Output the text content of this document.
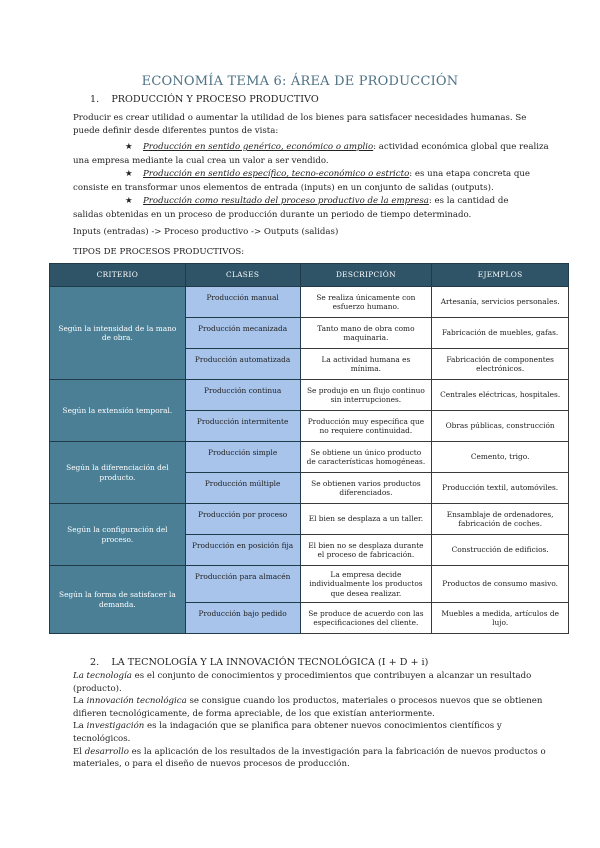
ECONOMÍA TEMA 6: ÁREA DE PRODUCCIÓN
1.    PRODUCCIÓN Y PROCESO PRODUCTIVO
Producir es crear utilidad o aumentar la utilidad de los bienes para satisfacer necesidades humanas. Se
puede definir desde diferentes puntos de vista:
★ Producción en sentido genérico, económico o amplio: actividad económica global que realiza
una empresa mediante la cual crea un valor a ser vendido.
★ Producción en sentido específico, tecno-económico o estricto: es una etapa concreta que
consiste en transformar unos elementos de entrada (inputs) en un conjunto de salidas (outputs).
★ Producción como resultado del proceso productivo de la empresa: es la cantidad de
salidas obtenidas en un proceso de producción durante un periodo de tiempo determinado.
Inputs (entradas) -> Proceso productivo -> Outputs (salidas)
TIPOS DE PROCESOS PRODUCTIVOS:
CRITERIO	CLASES	DESCRIPCIÓN	EJEMPLOS
Según la intensidad de la mano de obra.	Producción manual	Se realiza únicamente con esfuerzo humano.	Artesanía, servicios personales.
	Producción mecanizada	Tanto mano de obra como maquinaria.	Fabricación de muebles, gafas.
	Producción automatizada	La actividad humana es mínima.	Fabricación de componentes electrónicos.
Según la extensión temporal.	Producción continua	Se produjo en un flujo continuo sin interrupciones.	Centrales eléctricas, hospitales.
	Producción intermitente	Producción muy específica que no requiere continuidad.	Obras públicas, construcción
Según la diferenciación del producto.	Producción simple	Se obtiene un único producto de características homogéneas.	Cemento, trigo.
	Producción múltiple	Se obtienen varios productos diferenciados.	Producción textil, automóviles.
Según la configuración del proceso.	Producción por proceso	El bien se desplaza a un taller.	Ensamblaje de ordenadores, fabricación de coches.
	Producción en posición fija	El bien no se desplaza durante el proceso de fabricación.	Construcción de edificios.
Según la forma de satisfacer la demanda.	Producción para almacén	La empresa decide individualmente los productos que desea realizar.	Productos de consumo masivo.
	Producción bajo pedido	Se produce de acuerdo con las especificaciones del cliente.	Muebles a medida, artículos de lujo.
2.    LA TECNOLOGÍA Y LA INNOVACIÓN TECNOLÓGICA (I + D + i)
La tecnología es el conjunto de conocimientos y procedimientos que contribuyen a alcanzar un resultado
(producto).
La innovación tecnológica se consigue cuando los productos, materiales o procesos nuevos que se obtienen
difieren tecnológicamente, de forma apreciable, de los que existían anteriormente.
La investigación es la indagación que se planifica para obtener nuevos conocimientos científicos y
tecnológicos.
El desarrollo es la aplicación de los resultados de la investigación para la fabricación de nuevos productos o
materiales, o para el diseño de nuevos procesos de producción.
